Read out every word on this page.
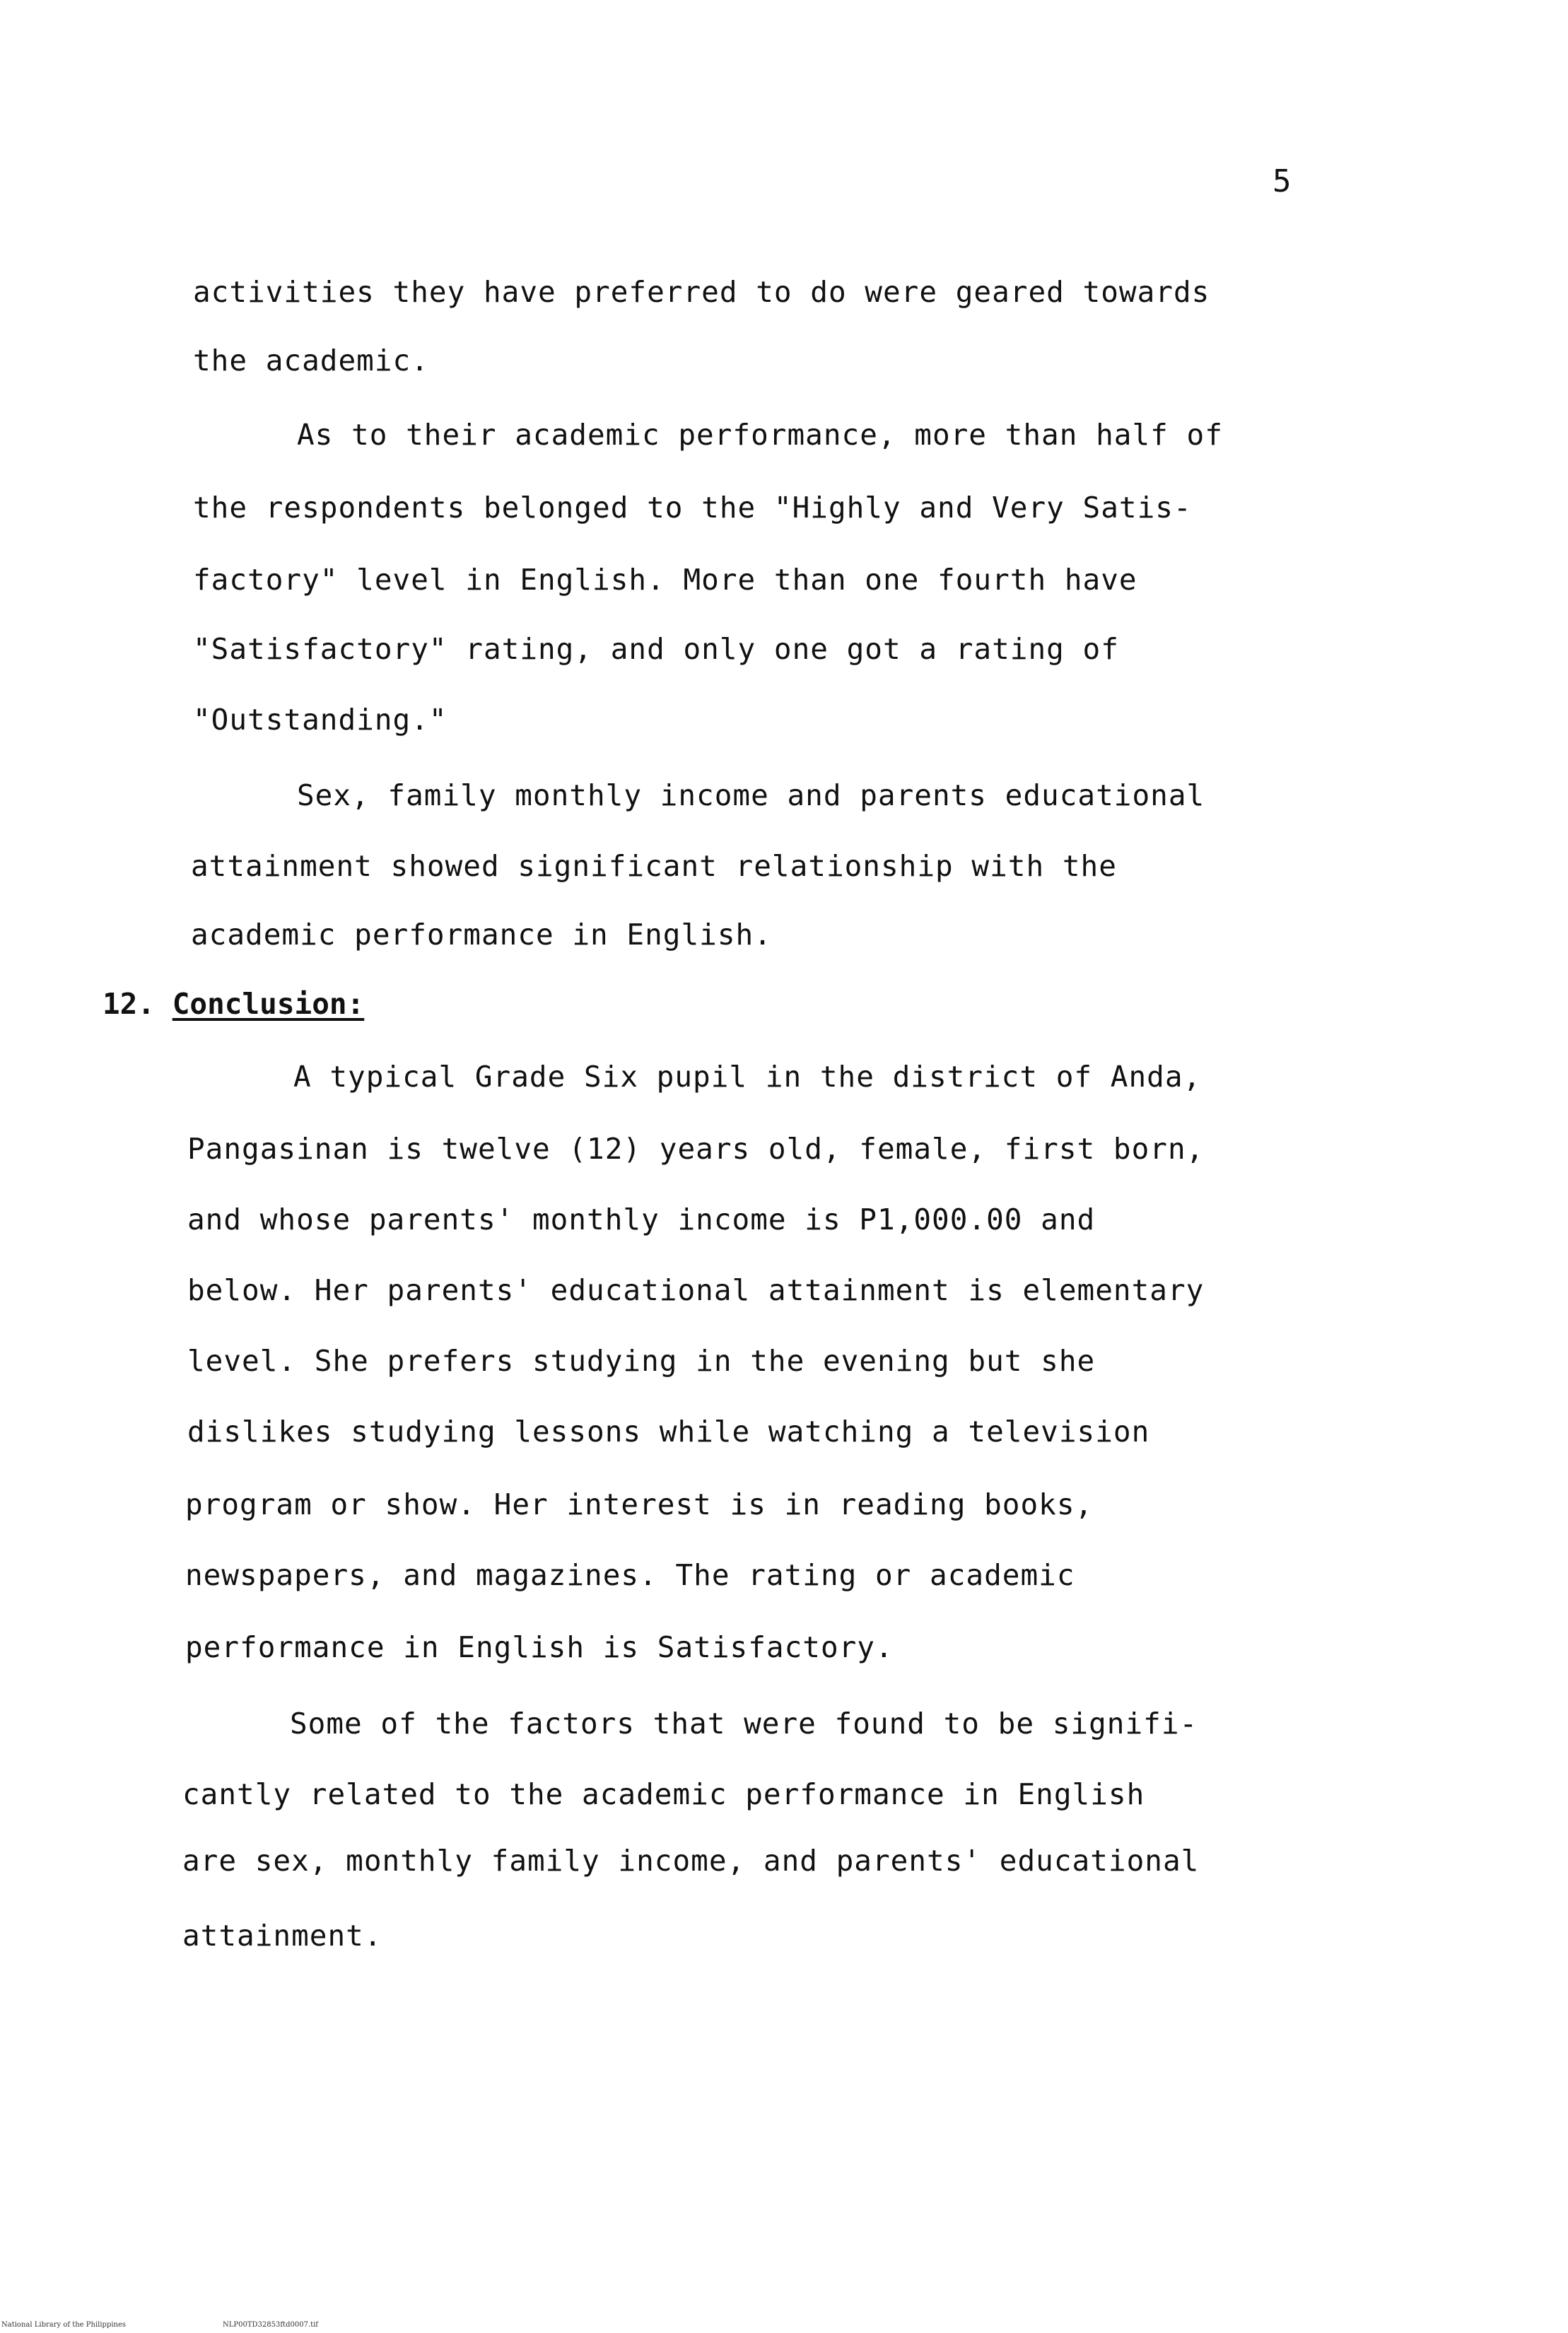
5
activities they have preferred to do were geared towards
the academic.
As to their academic performance, more than half of
the respondents belonged to the "Highly and Very Satis-
factory" level in English. More than one fourth have
"Satisfactory" rating, and only one got a rating of
"Outstanding."
Sex, family monthly income and parents educational
attainment showed significant relationship with the
academic performance in English.
12. Conclusion:
A typical Grade Six pupil in the district of Anda,
Pangasinan is twelve (12) years old, female, first born,
and whose parents' monthly income is P1,000.00 and
below. Her parents' educational attainment is elementary
level. She prefers studying in the evening but she
dislikes studying lessons while watching a television
program or show. Her interest is in reading books,
newspapers, and magazines. The rating or academic
performance in English is Satisfactory.
Some of the factors that were found to be signifi-
cantly related to the academic performance in English
are sex, monthly family income, and parents' educational
attainment.
National Library of the Philippines	NLP00TD32853ftd0007.tif
